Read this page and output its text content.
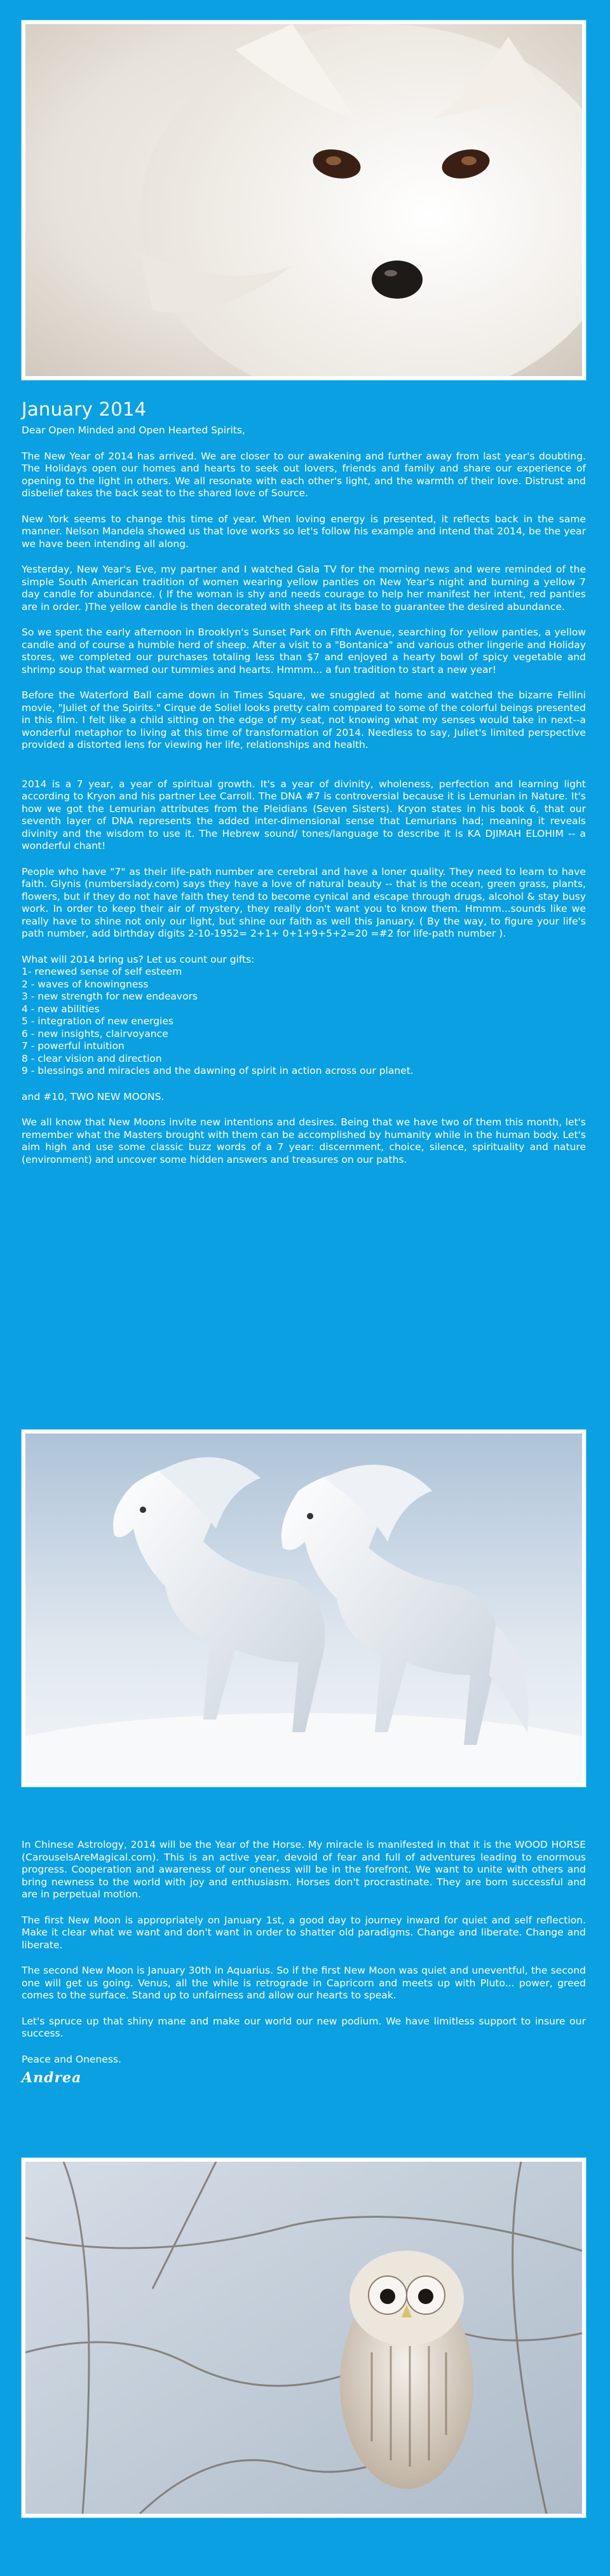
January 2014

Dear Open Minded and Open Hearted Spirits,

The New Year of 2014 has arrived. We are closer to our awakening and further away from last year's doubting. The Holidays open our homes and hearts to seek out lovers, friends and family and share our experience of opening to the light in others. We all resonate with each other's light, and the warmth of their love. Distrust and disbelief takes the back seat to the shared love of Source.

New York seems to change this time of year. When loving energy is presented, it reflects back in the same manner. Nelson Mandela showed us that love works so let's follow his example and intend that 2014, be the year we have been intending all along.

Yesterday, New Year's Eve, my partner and I watched Gala TV for the morning news and were reminded of the simple South American tradition of women wearing yellow panties on New Year's night and burning a yellow 7 day candle for abundance. ( If the woman is shy and needs courage to help her manifest her intent, red panties are in order. )The yellow candle is then decorated with sheep at its base to guarantee the desired abundance.

So we spent the early afternoon in Brooklyn's Sunset Park on Fifth Avenue, searching for yellow panties, a yellow candle and of course a humble herd of sheep. After a visit to a "Bontanica" and various other lingerie and Holiday stores, we completed our purchases totaling less than $7 and enjoyed a hearty bowl of spicy vegetable and shrimp soup that warmed our tummies and hearts. Hmmm... a fun tradition to start a new year!

Before the Waterford Ball came down in Times Square, we snuggled at home and watched the bizarre Fellini movie, "Juliet of the Spirits." Cirque de Soliel looks pretty calm compared to some of the colorful beings presented in this film. I felt like a child sitting on the edge of my seat, not knowing what my senses would take in next--a wonderful metaphor to living at this time of transformation of 2014. Needless to say, Juliet's limited perspective provided a distorted lens for viewing her life, relationships and health.

2014 is a 7 year, a year of spiritual growth. It's a year of divinity, wholeness, perfection and learning light according to Kryon and his partner Lee Carroll. The DNA #7 is controversial because it is Lemurian in Nature. It's how we got the Lemurian attributes from the Pleidians (Seven Sisters). Kryon states in his book 6, that our seventh layer of DNA represents the added inter-dimensional sense that Lemurians had; meaning it reveals divinity and the wisdom to use it. The Hebrew sound/ tones/language to describe it is KA DJIMAH ELOHIM -- a wonderful chant!

People who have "7" as their life-path number are cerebral and have a loner quality. They need to learn to have faith. Glynis (numberslady.com) says they have a love of natural beauty -- that is the ocean, green grass, plants, flowers, but if they do not have faith they tend to become cynical and escape through drugs, alcohol & stay busy work. In order to keep their air of mystery, they really don't want you to know them. Hmmm...sounds like we really have to shine not only our light, but shine our faith as well this January. ( By the way, to figure your life's path number, add birthday digits 2-10-1952= 2+1+ 0+1+9+5+2=20 =#2 for life-path number ).

What will 2014 bring us? Let us count our gifts:

1- renewed sense of self esteem
2 - waves of knowingness
3 - new strength for new endeavors
4 - new abilities
5 - integration of new energies
6 - new insights, clairvoyance
7 - powerful intuition
8 - clear vision and direction
9 - blessings and miracles and the dawning of spirit in action across our planet.

and #10, TWO NEW MOONS.

We all know that New Moons invite new intentions and desires. Being that we have two of them this month, let's remember what the Masters brought with them can be accomplished by humanity while in the human body. Let's aim high and use some classic buzz words of a 7 year: discernment, choice, silence, spirituality and nature (environment) and uncover some hidden answers and treasures on our paths.

In Chinese Astrology, 2014 will be the Year of the Horse. My miracle is manifested in that it is the WOOD HORSE (CarouselsAreMagical.com). This is an active year, devoid of fear and full of adventures leading to enormous progress. Cooperation and awareness of our oneness will be in the forefront. We want to unite with others and bring newness to the world with joy and enthusiasm. Horses don't procrastinate. They are born successful and are in perpetual motion.

The first New Moon is appropriately on January 1st, a good day to journey inward for quiet and self reflection. Make it clear what we want and don't want in order to shatter old paradigms. Change and liberate. Change and liberate.

The second New Moon is January 30th in Aquarius. So if the first New Moon was quiet and uneventful, the second one will get us going. Venus, all the while is retrograde in Capricorn and meets up with Pluto... power, greed comes to the surface. Stand up to unfairness and allow our hearts to speak.

Let's spruce up that shiny mane and make our world our new podium. We have limitless support to insure our success.

Peace and Oneness.

Andrea
